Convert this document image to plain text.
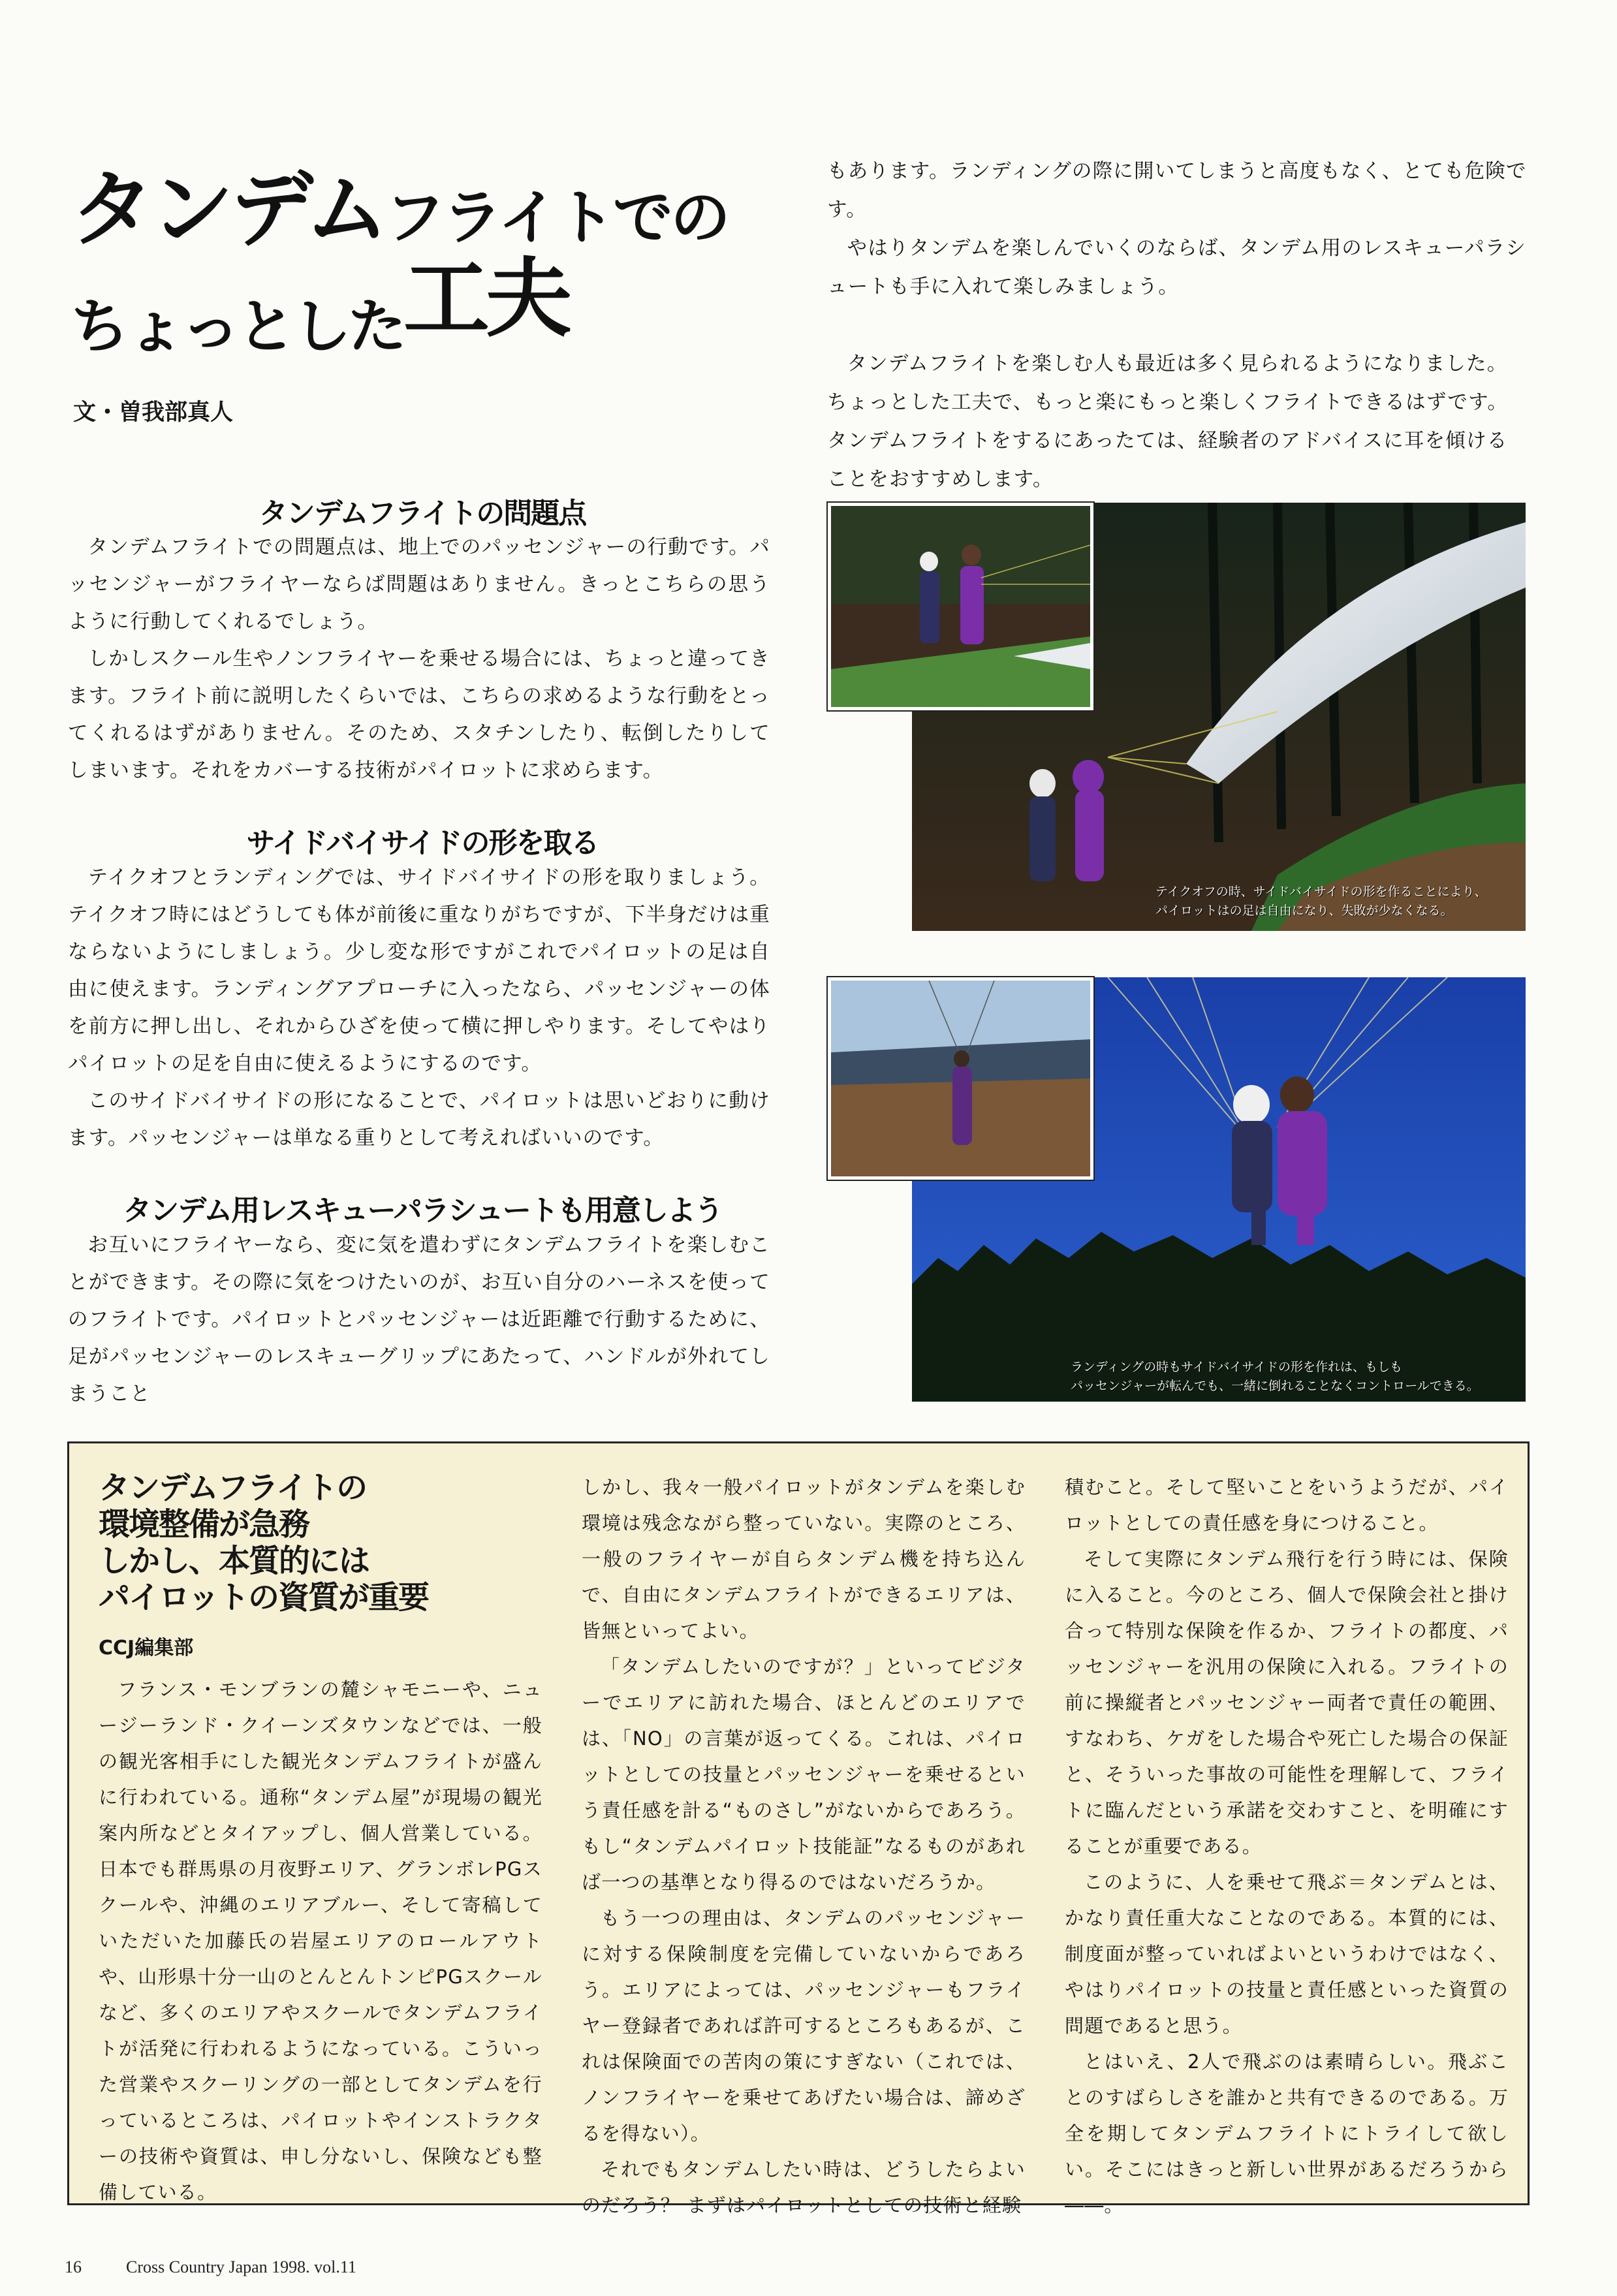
タンデムフライトでの
ちょっとした工夫
文・曽我部真人
タンデムフライトの問題点

タンデムフライトでの問題点は、地上でのパッセンジャーの行動です。パッセンジャーがフライヤーならば問題はありません。きっとこちらの思うように行動してくれるでしょう。

しかしスクール生やノンフライヤーを乗せる場合には、ちょっと違ってきます。フライト前に説明したくらいでは、こちらの求めるような行動をとってくれるはずがありません。そのため、スタチンしたり、転倒したりしてしまいます。それをカバーする技術がパイロットに求めらます。

サイドバイサイドの形を取る

テイクオフとランディングでは、サイドバイサイドの形を取りましょう。テイクオフ時にはどうしても体が前後に重なりがちですが、下半身だけは重ならないようにしましょう。少し変な形ですがこれでパイロットの足は自由に使えます。ランディングアプローチに入ったなら、パッセンジャーの体を前方に押し出し、それからひざを使って横に押しやります。そしてやはりパイロットの足を自由に使えるようにするのです。

このサイドバイサイドの形になることで、パイロットは思いどおりに動けます。パッセンジャーは単なる重りとして考えればいいのです。

タンデム用レスキューパラシュートも用意しよう

お互いにフライヤーなら、変に気を遣わずにタンデムフライトを楽しむことができます。その際に気をつけたいのが、お互い自分のハーネスを使ってのフライトです。パイロットとパッセンジャーは近距離で行動するために、足がパッセンジャーのレスキューグリップにあたって、ハンドルが外れてしまうこと

もあります。ランディングの際に開いてしまうと高度もなく、とても危険です。

やはりタンデムを楽しんでいくのならば、タンデム用のレスキューパラシュートも手に入れて楽しみましょう。

タンデムフライトを楽しむ人も最近は多く見られるようになりました。ちょっとした工夫で、もっと楽にもっと楽しくフライトできるはずです。タンデムフライトをするにあったては、経験者のアドバイスに耳を傾けることをおすすめします。

テイクオフの時、サイドバイサイドの形を作ることにより、
パイロットはの足は自由になり、失敗が少なくなる。
ランディングの時もサイドバイサイドの形を作れは、もしも
パッセンジャーが転んでも、一緒に倒れることなくコントロールできる。
タンデムフライトの
環境整備が急務
しかし、本質的には
パイロットの資質が重要
CCJ編集部

フランス・モンブランの麓シャモニーや、ニュージーランド・クイーンズタウンなどでは、一般の観光客相手にした観光タンデムフライトが盛んに行われている。通称“タンデム屋”が現場の観光案内所などとタイアップし、個人営業している。日本でも群馬県の月夜野エリア、グランボレPGスクールや、沖縄のエリアブルー、そして寄稿していただいた加藤氏の岩屋エリアのロールアウトや、山形県十分一山のとんとんトンピPGスクールなど、多くのエリアやスクールでタンデムフライトが活発に行われるようになっている。こういった営業やスクーリングの一部としてタンデムを行っているところは、パイロットやインストラクターの技術や資質は、申し分ないし、保険なども整備している。

しかし、我々一般パイロットがタンデムを楽しむ環境は残念ながら整っていない。実際のところ、一般のフライヤーが自らタンデム機を持ち込んで、自由にタンデムフライトができるエリアは、皆無といってよい。

「タンデムしたいのですが？」といってビジターでエリアに訪れた場合、ほとんどのエリアでは、「NO」の言葉が返ってくる。これは、パイロットとしての技量とパッセンジャーを乗せるという責任感を計る“ものさし”がないからであろう。もし“タンデムパイロット技能証”なるものがあれば一つの基準となり得るのではないだろうか。

もう一つの理由は、タンデムのパッセンジャーに対する保険制度を完備していないからであろう。エリアによっては、パッセンジャーもフライヤー登録者であれば許可するところもあるが、これは保険面での苦肉の策にすぎない（これでは、ノンフライヤーを乗せてあげたい場合は、諦めざるを得ない）。

それでもタンデムしたい時は、どうしたらよいのだろう？ まずはパイロットとしての技術と経験

積むこと。そして堅いことをいうようだが、パイロットとしての責任感を身につけること。

そして実際にタンデム飛行を行う時には、保険に入ること。今のところ、個人で保険会社と掛け合って特別な保険を作るか、フライトの都度、パッセンジャーを汎用の保険に入れる。フライトの前に操縦者とパッセンジャー両者で責任の範囲、すなわち、ケガをした場合や死亡した場合の保証と、そういった事故の可能性を理解して、フライトに臨んだという承諾を交わすこと、を明確にすることが重要である。

このように、人を乗せて飛ぶ＝タンデムとは、かなり責任重大なことなのである。本質的には、制度面が整っていればよいというわけではなく、やはりパイロットの技量と責任感といった資質の問題であると思う。

とはいえ、2人で飛ぶのは素晴らしい。飛ぶことのすばらしさを誰かと共有できるのである。万全を期してタンデムフライトにトライして欲しい。そこにはきっと新しい世界があるだろうから――。

16	Cross Country Japan 1998. vol.11
